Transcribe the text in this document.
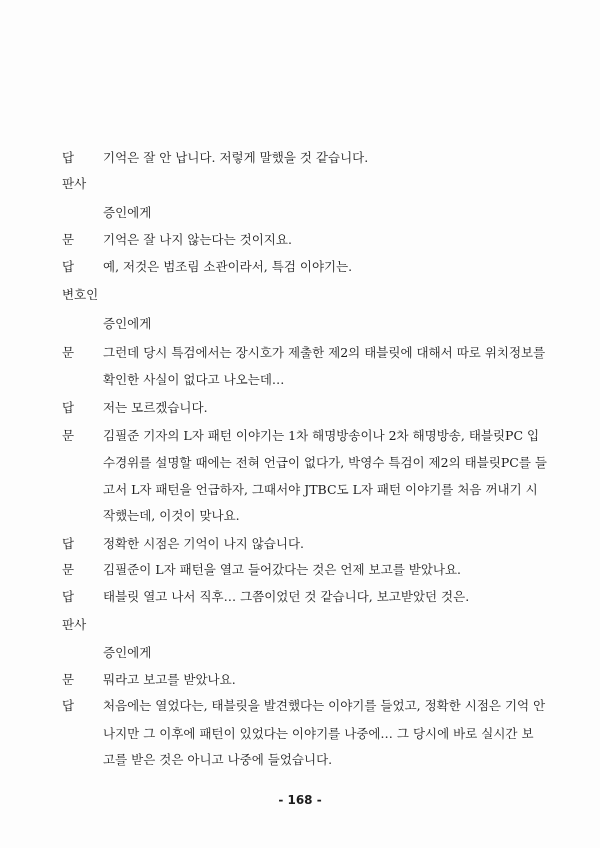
답 기억은 잘 안 납니다. 저렇게 말했을 것 같습니다.
판사
증인에게
문 기억은 잘 나지 않는다는 것이지요.
답 예, 저것은 범조림 소관이라서, 특검 이야기는.
변호인
증인에게
문 그런데 당시 특검에서는 장시호가 제출한 제2의 태블릿에 대해서 따로 위치정보를
확인한 사실이 없다고 나오는데…
답 저는 모르겠습니다.
문 김필준 기자의 L자 패턴 이야기는 1차 해명방송이나 2차 해명방송, 태블릿PC 입
수경위를 설명할 때에는 전혀 언급이 없다가, 박영수 특검이 제2의 태블릿PC를 들
고서 L자 패턴을 언급하자, 그때서야 JTBC도 L자 패턴 이야기를 처음 꺼내기 시
작했는데, 이것이 맞나요.
답 정확한 시점은 기억이 나지 않습니다.
문 김필준이 L자 패턴을 열고 들어갔다는 것은 언제 보고를 받았나요.
답 태블릿 열고 나서 직후… 그쯤이었던 것 같습니다, 보고받았던 것은.
판사
증인에게
문 뭐라고 보고를 받았나요.
답 처음에는 열었다는, 태블릿을 발견했다는 이야기를 들었고, 정확한 시점은 기억 안
나지만 그 이후에 패턴이 있었다는 이야기를 나중에… 그 당시에 바로 실시간 보
고를 받은 것은 아니고 나중에 들었습니다.
- 168 -
